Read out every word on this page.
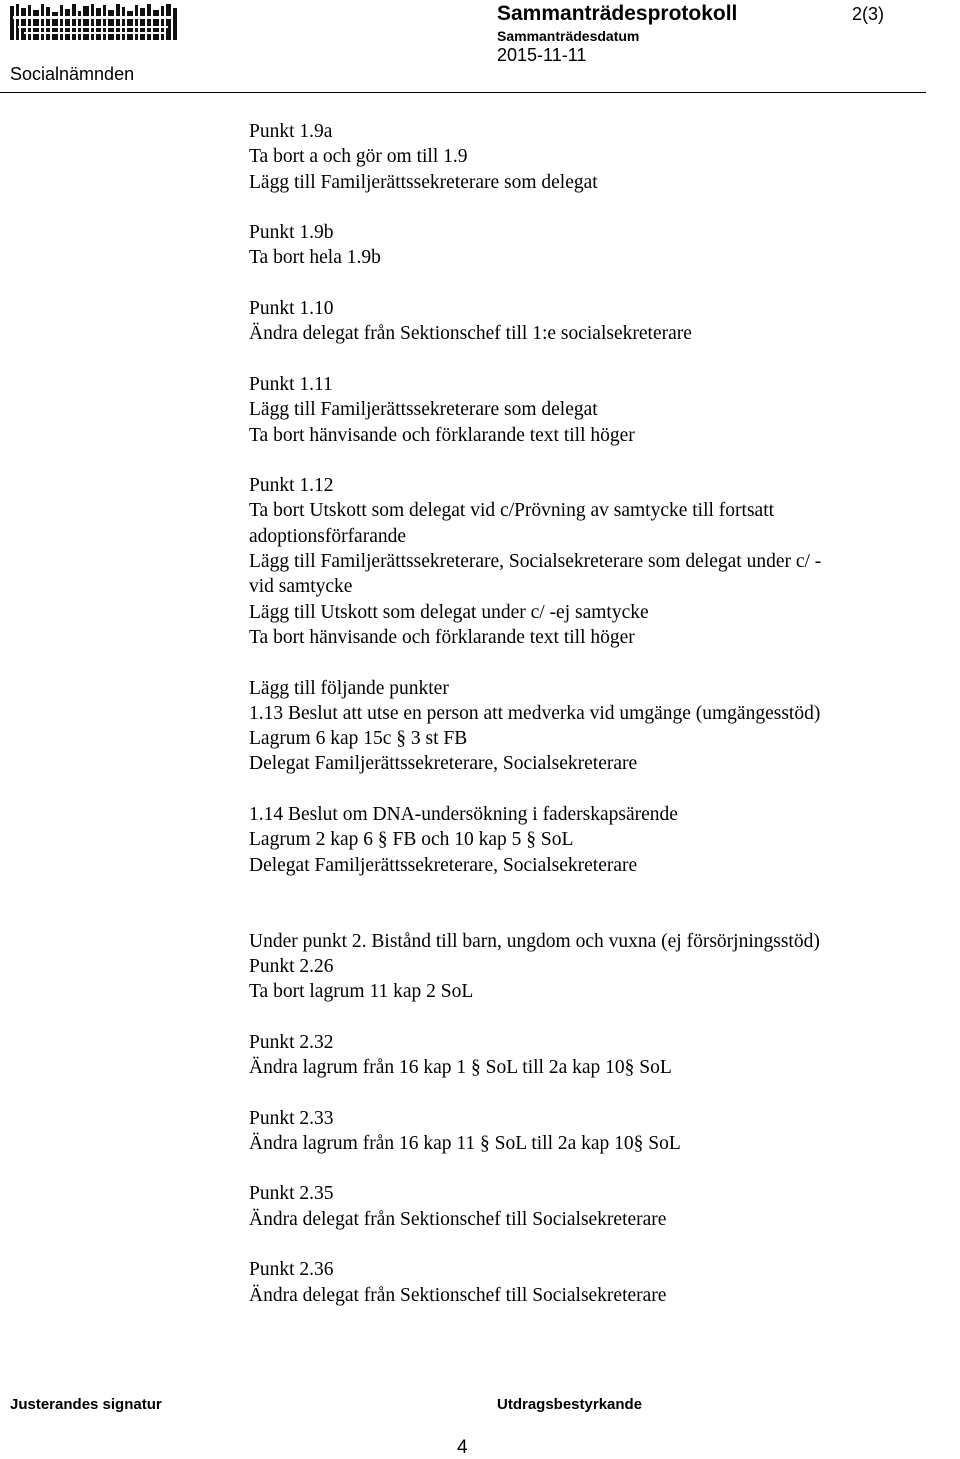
Socialnämnden
Sammanträdesprotokoll
Sammanträdesdatum
2015-11-11
2(3)

Punkt 1.9a

Ta bort a och gör om till 1.9

Lägg till Familjerättssekreterare som delegat

Punkt 1.9b

Ta bort hela 1.9b

Punkt 1.10

Ändra delegat från Sektionschef till 1:e socialsekreterare

Punkt 1.11

Lägg till Familjerättssekreterare som delegat

Ta bort hänvisande och förklarande text till höger

Punkt 1.12

Ta bort Utskott som delegat vid c/Prövning av samtycke till fortsatt

adoptionsförfarande

Lägg till Familjerättssekreterare, Socialsekreterare som delegat under c/ -

vid samtycke

Lägg till Utskott som delegat under c/ -ej samtycke

Ta bort hänvisande och förklarande text till höger

Lägg till följande punkter

1.13 Beslut att utse en person att medverka vid umgänge (umgängesstöd)

Lagrum 6 kap 15c § 3 st FB

Delegat Familjerättssekreterare, Socialsekreterare

1.14 Beslut om DNA-undersökning i faderskapsärende

Lagrum 2 kap 6 § FB och 10 kap 5 § SoL

Delegat Familjerättssekreterare, Socialsekreterare

Under punkt 2. Bistånd till barn, ungdom och vuxna (ej försörjningsstöd)

Punkt 2.26

Ta bort lagrum 11 kap 2 SoL

Punkt 2.32

Ändra lagrum från 16 kap 1 § SoL till 2a kap 10§ SoL

Punkt 2.33

Ändra lagrum från 16 kap 11 § SoL till 2a kap 10§ SoL

Punkt 2.35

Ändra delegat från Sektionschef till Socialsekreterare

Punkt 2.36

Ändra delegat från Sektionschef till Socialsekreterare

Justerandes signatur	Utdragsbestyrkande
4
